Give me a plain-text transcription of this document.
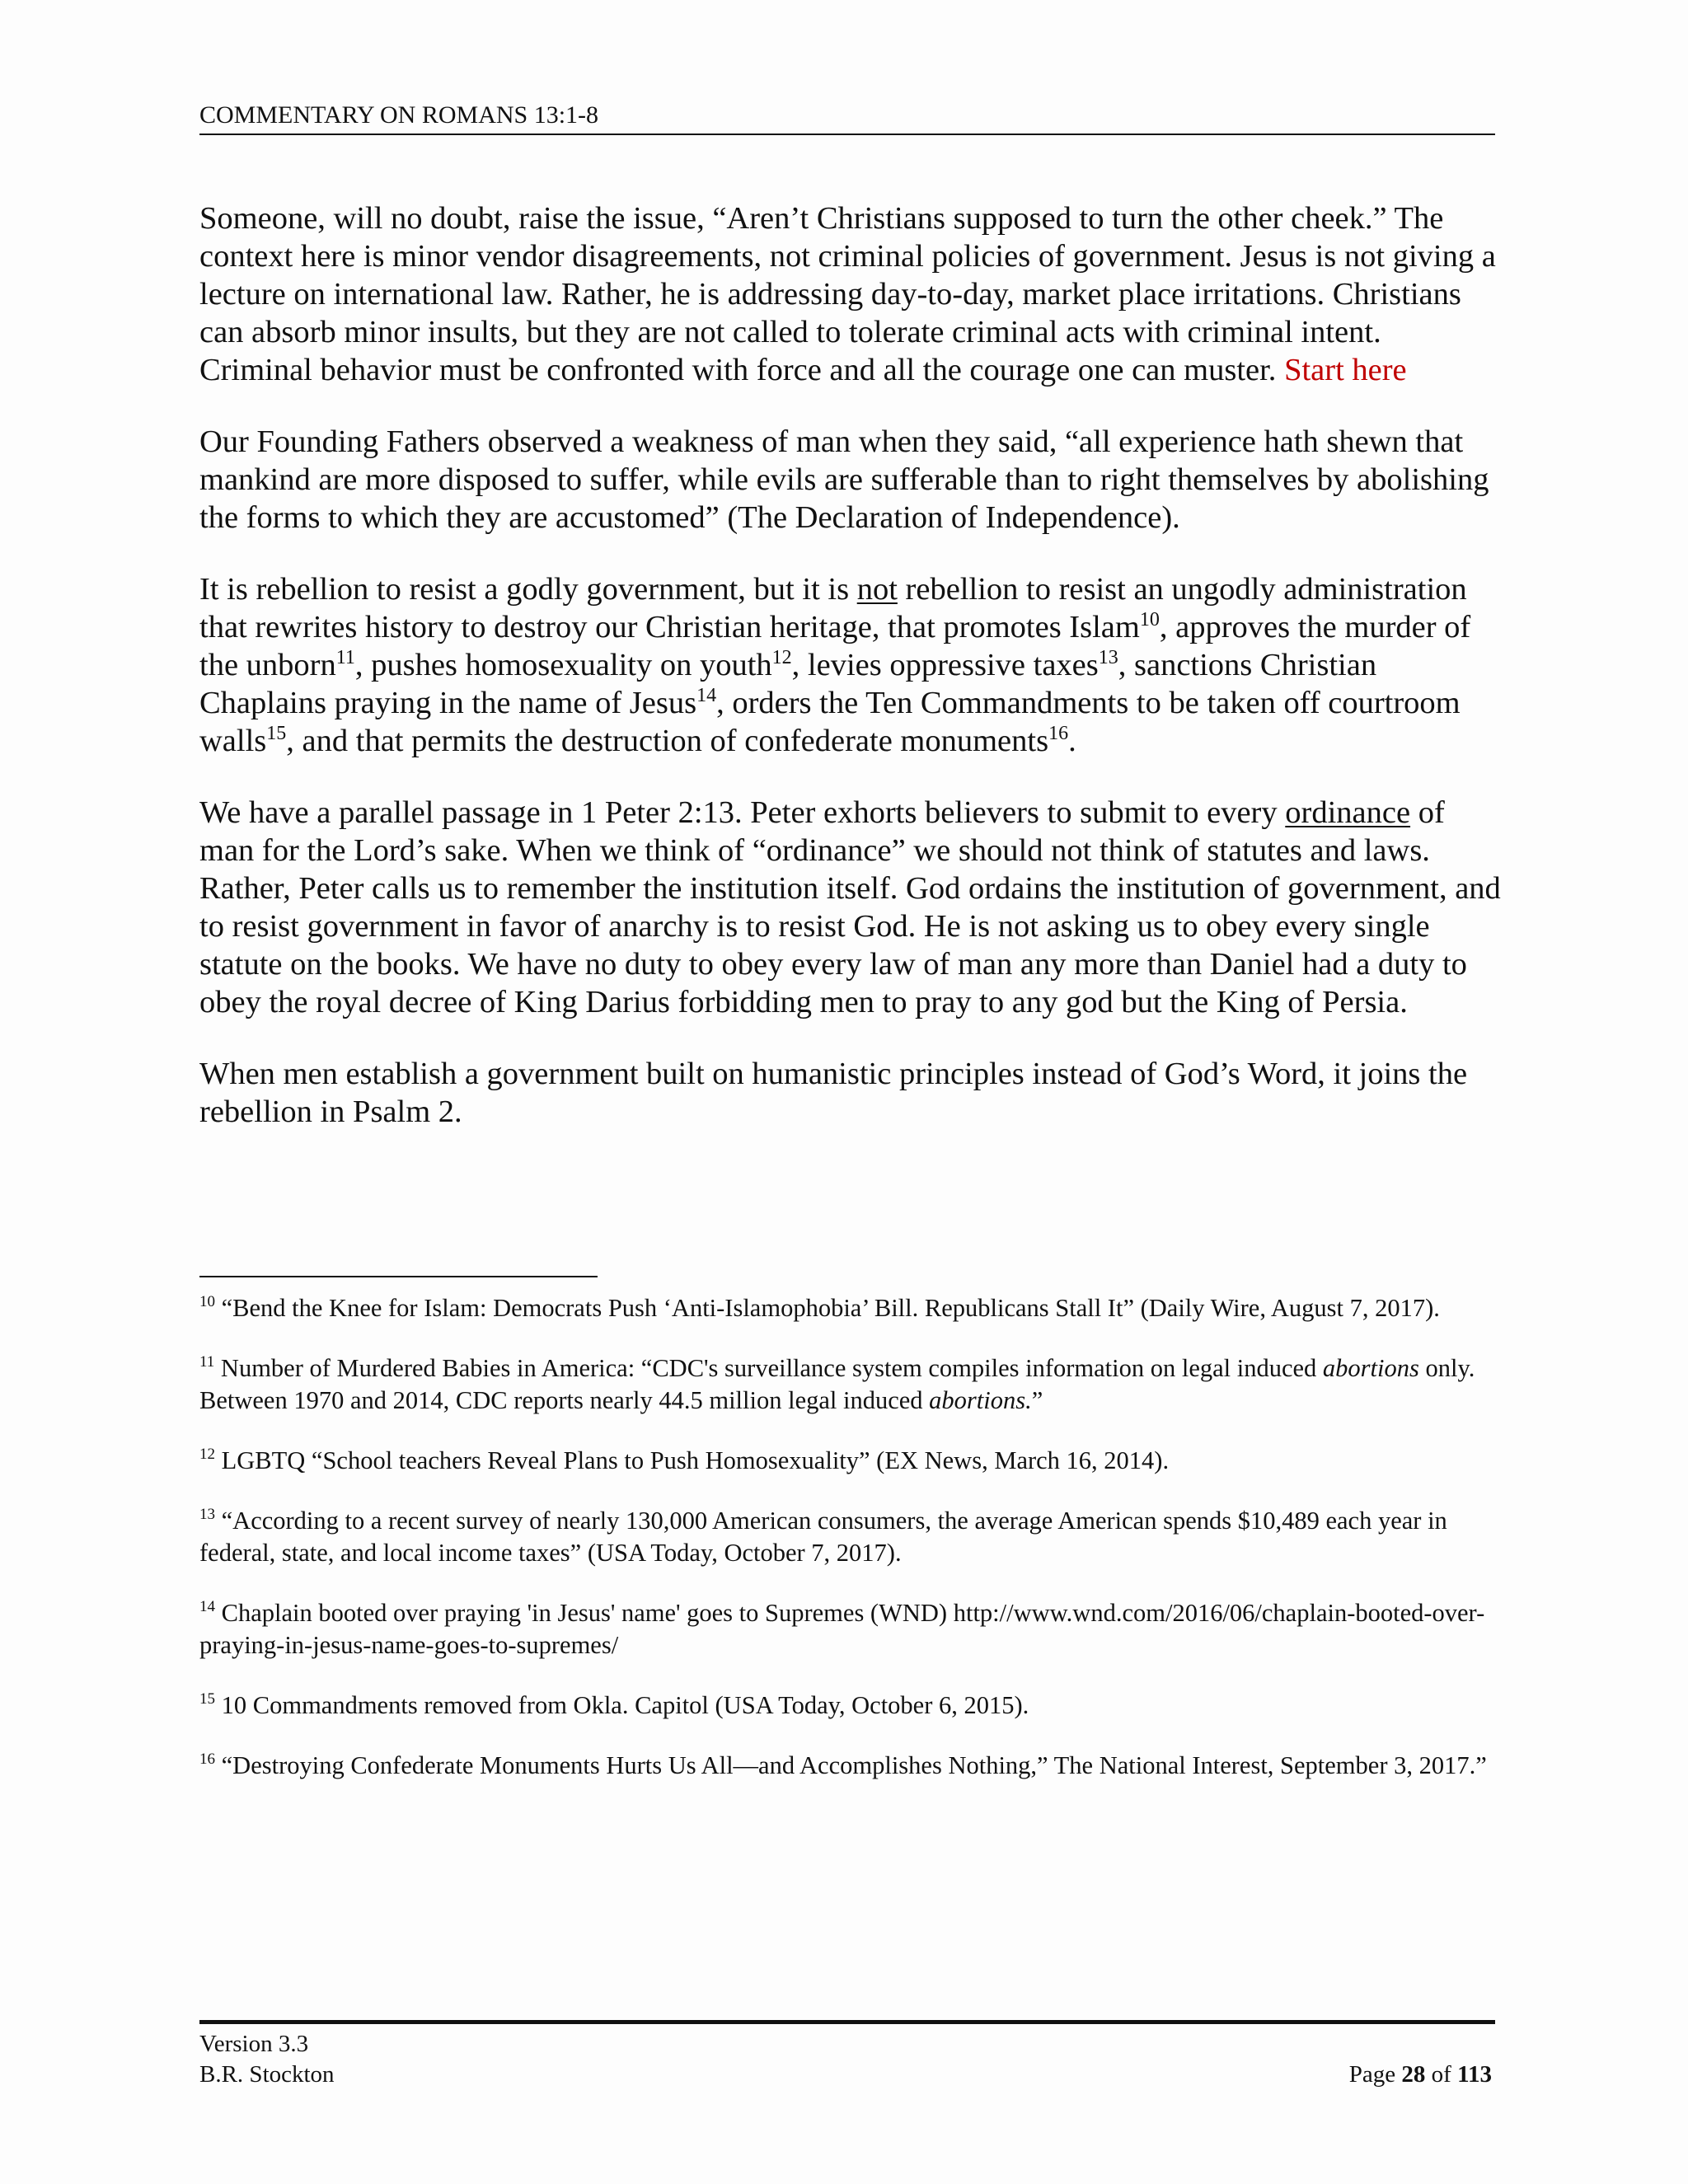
COMMENTARY ON ROMANS 13:1-8

Someone, will no doubt, raise the issue, “Aren’t Christians supposed to turn the other cheek.” The context here is minor vendor disagreements, not criminal policies of government. Jesus is not giving a lecture on international law. Rather, he is addressing day-to-day, market place irritations. Christians can absorb minor insults, but they are not called to tolerate criminal acts with criminal intent. Criminal behavior must be confronted with force and all the courage one can muster. Start here

Our Founding Fathers observed a weakness of man when they said, “all experience hath shewn that mankind are more disposed to suffer, while evils are sufferable than to right themselves by abolishing the forms to which they are accustomed” (The Declaration of Independence).

It is rebellion to resist a godly government, but it is not rebellion to resist an ungodly administration that rewrites history to destroy our Christian heritage, that promotes Islam$^{10}$, approves the murder of the unborn$^{11}$, pushes homosexuality on youth$^{12}$, levies oppressive taxes$^{13}$, sanctions Christian Chaplains praying in the name of Jesus$^{14}$, orders the Ten Commandments to be taken off courtroom walls$^{15}$, and that permits the destruction of confederate monuments$^{16}$.

We have a parallel passage in 1 Peter 2:13. Peter exhorts believers to submit to every ordinance of man for the Lord’s sake. When we think of “ordinance” we should not think of statutes and laws. Rather, Peter calls us to remember the institution itself. God ordains the institution of government, and to resist government in favor of anarchy is to resist God. He is not asking us to obey every single statute on the books. We have no duty to obey every law of man any more than Daniel had a duty to obey the royal decree of King Darius forbidding men to pray to any god but the King of Persia.

When men establish a government built on humanistic principles instead of God’s Word, it joins the rebellion in Psalm 2.

$^{10}$ “Bend the Knee for Islam: Democrats Push ‘Anti-Islamophobia’ Bill. Republicans Stall It” (Daily Wire, August 7, 2017).
$^{11}$ Number of Murdered Babies in America: “CDC's surveillance system compiles information on legal induced abortions only. Between 1970 and 2014, CDC reports nearly 44.5 million legal induced abortions.”
$^{12}$ LGBTQ “School teachers Reveal Plans to Push Homosexuality” (EX News, March 16, 2014).
$^{13}$ “According to a recent survey of nearly 130,000 American consumers, the average American spends $10,489 each year in federal, state, and local income taxes” (USA Today, October 7, 2017).
$^{14}$ Chaplain booted over praying 'in Jesus' name' goes to Supremes (WND) http://www.wnd.com/2016/06/chaplain-booted-over-praying-in-jesus-name-goes-to-supremes/
$^{15}$ 10 Commandments removed from Okla. Capitol (USA Today, October 6, 2015).
$^{16}$ “Destroying Confederate Monuments Hurts Us All—and Accomplishes Nothing,” The National Interest, September 3, 2017.”
Version 3.3
B.R. Stockton	Page 28 of 113
